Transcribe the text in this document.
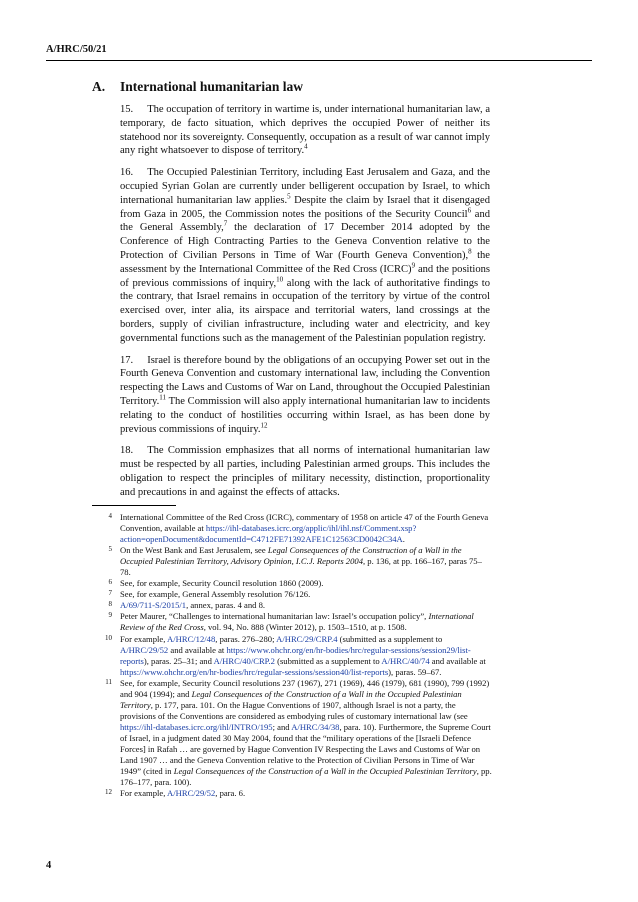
A/HRC/50/21
A. International humanitarian law

15. The occupation of territory in wartime is, under international humanitarian law, a temporary, de facto situation, which deprives the occupied Power of neither its statehood nor its sovereignty. Consequently, occupation as a result of war cannot imply any right whatsoever to dispose of territory.$^4$

16. The Occupied Palestinian Territory, including East Jerusalem and Gaza, and the occupied Syrian Golan are currently under belligerent occupation by Israel, to which international humanitarian law applies.$^5$ Despite the claim by Israel that it disengaged from Gaza in 2005, the Commission notes the positions of the Security Council$^6$ and the General Assembly,$^7$ the declaration of 17 December 2014 adopted by the Conference of High Contracting Parties to the Geneva Convention relative to the Protection of Civilian Persons in Time of War (Fourth Geneva Convention),$^8$ the assessment by the International Committee of the Red Cross (ICRC)$^9$ and the positions of previous commissions of inquiry,$^{10}$ along with the lack of authoritative findings to the contrary, that Israel remains in occupation of the territory by virtue of the control exercised over, inter alia, its airspace and territorial waters, land crossings at the borders, supply of civilian infrastructure, including water and electricity, and key governmental functions such as the management of the Palestinian population registry.

17. Israel is therefore bound by the obligations of an occupying Power set out in the Fourth Geneva Convention and customary international law, including the Convention respecting the Laws and Customs of War on Land, throughout the Occupied Palestinian Territory.$^{11}$ The Commission will also apply international humanitarian law to incidents relating to the conduct of hostilities occurring within Israel, as has been done by previous commissions of inquiry.$^{12}$

18. The Commission emphasizes that all norms of international humanitarian law must be respected by all parties, including Palestinian armed groups. This includes the obligation to respect the principles of military necessity, distinction, proportionality and precautions in and against the effects of attacks.

4 International Committee of the Red Cross (ICRC), commentary of 1958 on article 47 of the Fourth Geneva Convention, available at https://ihl-databases.icrc.org/applic/ihl/ihl.nsf/Comment.xsp?action=openDocument&documentId=C4712FE71392AFE1C12563CD0042C34A.

5 On the West Bank and East Jerusalem, see Legal Consequences of the Construction of a Wall in the Occupied Palestinian Territory, Advisory Opinion, I.C.J. Reports 2004, p. 136, at pp. 166–167, paras 75–78.

6 See, for example, Security Council resolution 1860 (2009).

7 See, for example, General Assembly resolution 76/126.

8 A/69/711-S/2015/1, annex, paras. 4 and 8.

9 Peter Maurer, “Challenges to international humanitarian law: Israel’s occupation policy”, International Review of the Red Cross, vol. 94, No. 888 (Winter 2012), p. 1503–1510, at p. 1508.

10 For example, A/HRC/12/48, paras. 276–280; A/HRC/29/CRP.4 (submitted as a supplement to A/HRC/29/52 and available at https://www.ohchr.org/en/hr-bodies/hrc/regular-sessions/session29/list-reports), paras. 25–31; and A/HRC/40/CRP.2 (submitted as a supplement to A/HRC/40/74 and available at https://www.ohchr.org/en/hr-bodies/hrc/regular-sessions/session40/list-reports), paras. 59–67.

11 See, for example, Security Council resolutions 237 (1967), 271 (1969), 446 (1979), 681 (1990), 799 (1992) and 904 (1994); and Legal Consequences of the Construction of a Wall in the Occupied Palestinian Territory, p. 177, para. 101. On the Hague Conventions of 1907, although Israel is not a party, the provisions of the Conventions are considered as embodying rules of customary international law (see https://ihl-databases.icrc.org/ihl/INTRO/195; and A/HRC/34/38, para. 10). Furthermore, the Supreme Court of Israel, in a judgment dated 30 May 2004, found that the “military operations of the [Israeli Defence Forces] in Rafah … are governed by Hague Convention IV Respecting the Laws and Customs of War on Land 1907 … and the Geneva Convention relative to the Protection of Civilian Persons in Time of War 1949” (cited in Legal Consequences of the Construction of a Wall in the Occupied Palestinian Territory, pp. 176–177, para. 100).

12 For example, A/HRC/29/52, para. 6.

4
